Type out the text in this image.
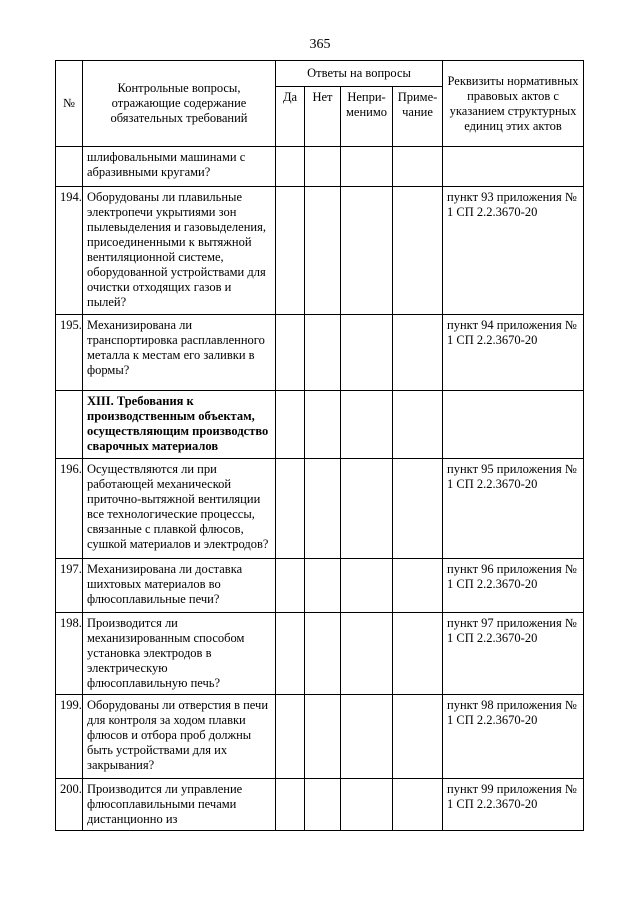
365
№	Контрольные вопросы, отражающие содержание обязательных требований	Ответы на вопросы				Реквизиты нормативных правовых актов с указанием структурных единиц этих актов
		Да	Нет	Непри-менимо	Приме-чание	
	шлифовальными машинами с абразивными кругами?					
194.	Оборудованы ли плавильные электропечи укрытиями зон пылевыделения и газовыделения, присоединенными к вытяжной вентиляционной системе, оборудованной устройствами для очистки отходящих газов и пылей?					пункт 93 приложения № 1 СП 2.2.3670-20
195.	Механизирована ли транспортировка расплавленного металла к местам его заливки в формы?					пункт 94 приложения № 1 СП 2.2.3670-20
	XIII. Требования к производственным объектам, осуществляющим производство сварочных материалов					
196.	Осуществляются ли при работающей механической приточно-вытяжной вентиляции все технологические процессы, связанные с плавкой флюсов, сушкой материалов и электродов?					пункт 95 приложения № 1 СП 2.2.3670-20
197.	Механизирована ли доставка шихтовых материалов во флюсоплавильные печи?					пункт 96 приложения № 1 СП 2.2.3670-20
198.	Производится ли механизированным способом установка электродов в электрическую флюсоплавильную печь?					пункт 97 приложения № 1 СП 2.2.3670-20
199.	Оборудованы ли отверстия в печи для контроля за ходом плавки флюсов и отбора проб должны быть устройствами для их закрывания?					пункт 98 приложения № 1 СП 2.2.3670-20
200.	Производится ли управление флюсоплавильными печами дистанционно из					пункт 99 приложения № 1 СП 2.2.3670-20
